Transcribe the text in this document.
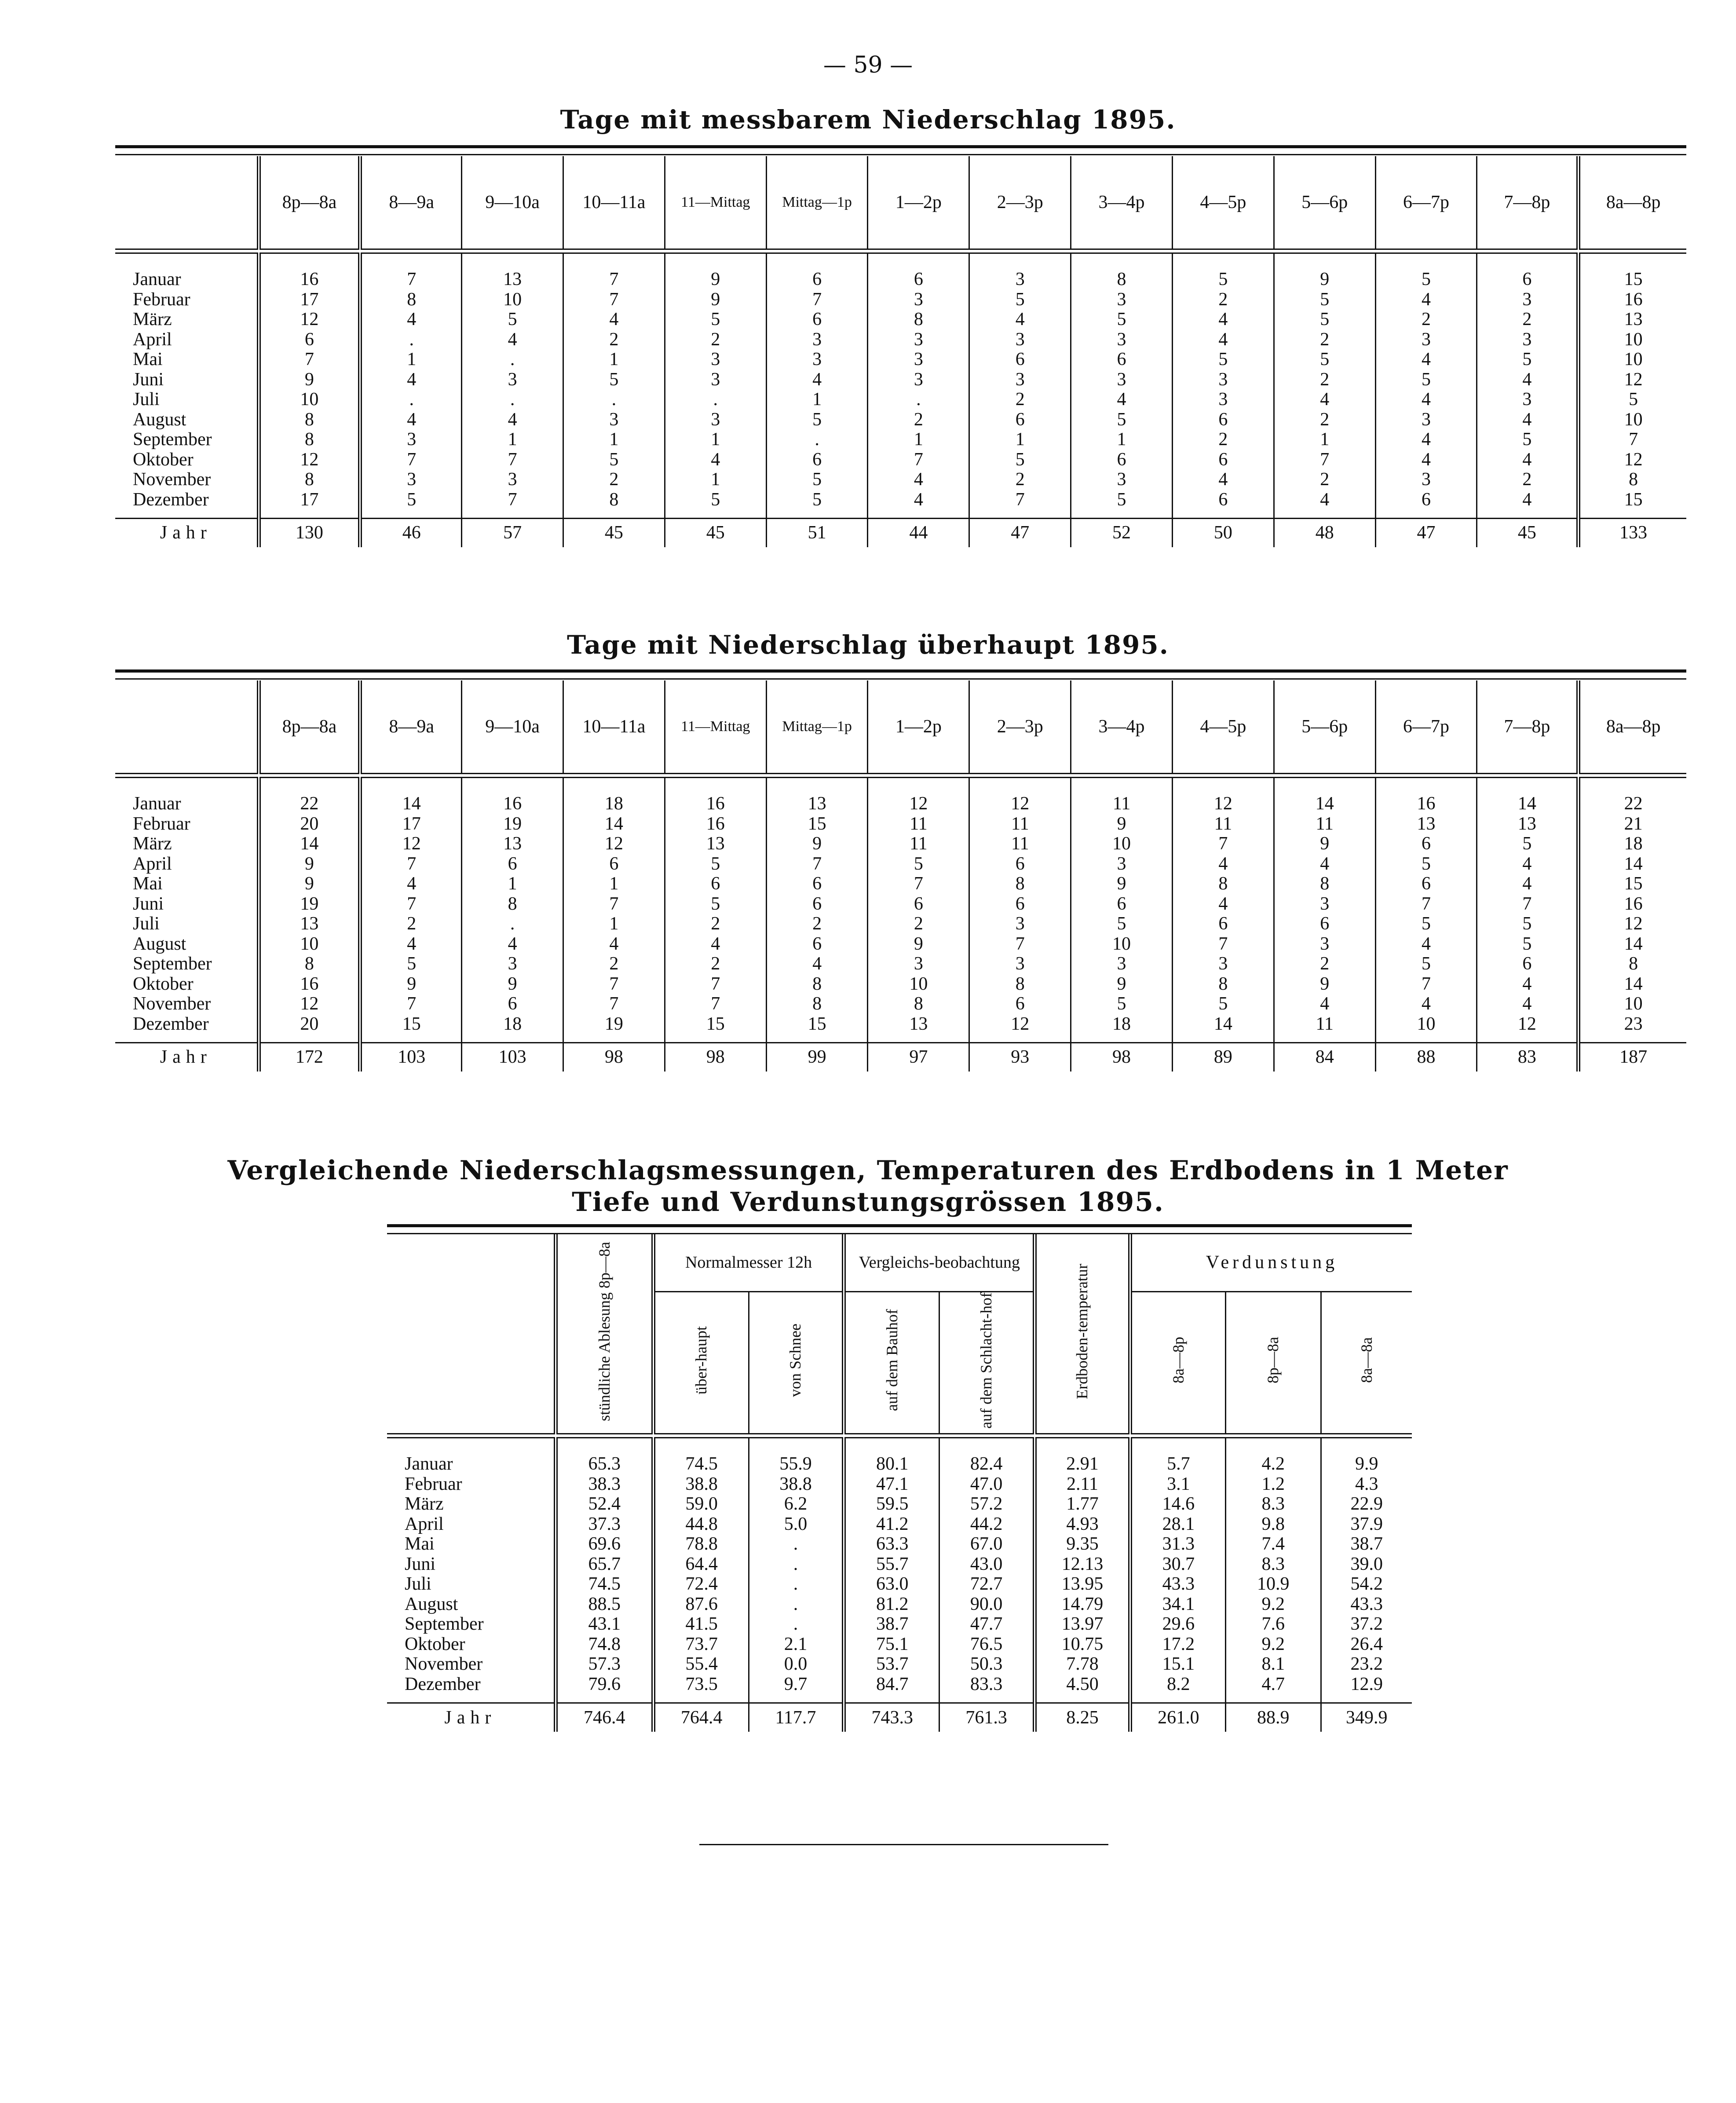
— 59 —
Tage mit messbarem Niederschlag 1895.
	8p—8a	8—9a	9—10a	10—11a	11—Mittag	Mittag—1p	1—2p	2—3p	3—4p	4—5p	5—6p	6—7p	7—8p	8a—8p

Januar	16	7	13	7	9	6	6	3	8	5	9	5	6	15
Februar	17	8	10	7	9	7	3	5	3	2	5	4	3	16
März	12	4	5	4	5	6	8	4	5	4	5	2	2	13
April	6	.	4	2	2	3	3	3	3	4	2	3	3	10
Mai	7	1	.	1	3	3	3	6	6	5	5	4	5	10
Juni	9	4	3	5	3	4	3	3	3	3	2	5	4	12
Juli	10	.	.	.	.	1	.	2	4	3	4	4	3	5
August	8	4	4	3	3	5	2	6	5	6	2	3	4	10
September	8	3	1	1	1	.	1	1	1	2	1	4	5	7
Oktober	12	7	7	5	4	6	7	5	6	6	7	4	4	12
November	8	3	3	2	1	5	4	2	3	4	2	3	2	8
Dezember	17	5	7	8	5	5	4	7	5	6	4	6	4	15
Jahr	130	46	57	45	45	51	44	47	52	50	48	47	45	133
Tage mit Niederschlag überhaupt 1895.
	8p—8a	8—9a	9—10a	10—11a	11—Mittag	Mittag—1p	1—2p	2—3p	3—4p	4—5p	5—6p	6—7p	7—8p	8a—8p

Januar	22	14	16	18	16	13	12	12	11	12	14	16	14	22
Februar	20	17	19	14	16	15	11	11	9	11	11	13	13	21
März	14	12	13	12	13	9	11	11	10	7	9	6	5	18
April	9	7	6	6	5	7	5	6	3	4	4	5	4	14
Mai	9	4	1	1	6	6	7	8	9	8	8	6	4	15
Juni	19	7	8	7	5	6	6	6	6	4	3	7	7	16
Juli	13	2	.	1	2	2	2	3	5	6	6	5	5	12
August	10	4	4	4	4	6	9	7	10	7	3	4	5	14
September	8	5	3	2	2	4	3	3	3	3	2	5	6	8
Oktober	16	9	9	7	7	8	10	8	9	8	9	7	4	14
November	12	7	6	7	7	8	8	6	5	5	4	4	4	10
Dezember	20	15	18	19	15	15	13	12	18	14	11	10	12	23
Jahr	172	103	103	98	98	99	97	93	98	89	84	88	83	187
Vergleichende Niederschlagsmessungen, Temperaturen des Erdbodens in 1 Meter
Tiefe und Verdunstungsgrössen 1895.
	stündliche Ablesung 8p—8a	Normalmesser 12h		Vergleichs-beobachtung		Erdboden-temperatur	Verdunstung		
		über-haupt	von Schnee	auf dem Bauhof	auf dem Schlacht-hof		8a—8p	8p—8a	8a—8a

Januar	65.3	74.5	55.9	80.1	82.4	2.91	5.7	4.2	9.9
Februar	38.3	38.8	38.8	47.1	47.0	2.11	3.1	1.2	4.3
März	52.4	59.0	6.2	59.5	57.2	1.77	14.6	8.3	22.9
April	37.3	44.8	5.0	41.2	44.2	4.93	28.1	9.8	37.9
Mai	69.6	78.8	.	63.3	67.0	9.35	31.3	7.4	38.7
Juni	65.7	64.4	.	55.7	43.0	12.13	30.7	8.3	39.0
Juli	74.5	72.4	.	63.0	72.7	13.95	43.3	10.9	54.2
August	88.5	87.6	.	81.2	90.0	14.79	34.1	9.2	43.3
September	43.1	41.5	.	38.7	47.7	13.97	29.6	7.6	37.2
Oktober	74.8	73.7	2.1	75.1	76.5	10.75	17.2	9.2	26.4
November	57.3	55.4	0.0	53.7	50.3	7.78	15.1	8.1	23.2
Dezember	79.6	73.5	9.7	84.7	83.3	4.50	8.2	4.7	12.9
Jahr	746.4	764.4	117.7	743.3	761.3	8.25	261.0	88.9	349.9
